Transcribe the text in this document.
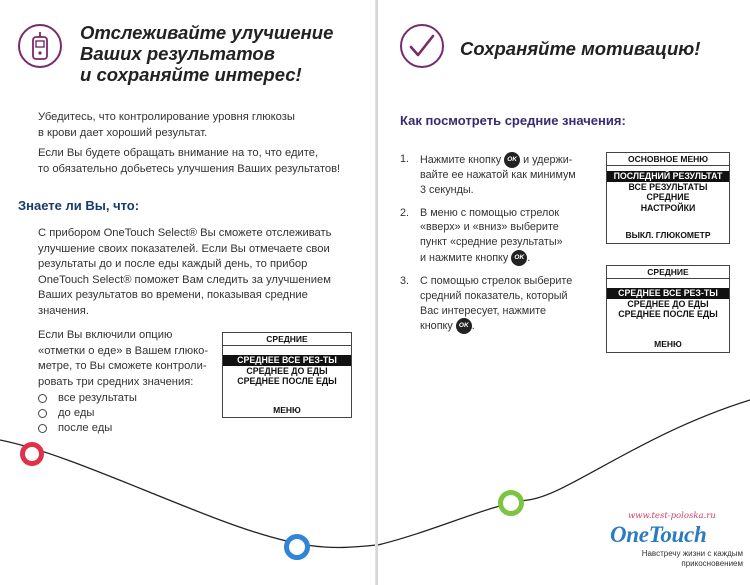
Отслеживайте улучшение
Ваших результатов
и сохраняйте интерес!
Убедитесь, что контролирование уровня глюкозы
в крови дает хороший результат.
Если Вы будете обращать внимание на то, что едите,
то обязательно добьетесь улучшения Ваших результатов!
Знаете ли Вы, что:
С прибором OneTouch Select® Вы сможете отслеживать
улучшение своих показателей. Если Вы отмечаете свои
результаты до и после еды каждый день, то прибор
OneTouch Select® поможет Вам следить за улучшением
Ваших результатов во времени, показывая средние
значения.
Если Вы включили опцию
«отметки о еде» в Вашем глюко-
метре, то Вы сможете контроли-
ровать три средних значения:
все результаты
до еды
после еды
СРЕДНИЕ
СРЕДНЕЕ ВСЕ РЕЗ-ТЫ
СРЕДНЕЕ ДО ЕДЫ
СРЕДНЕЕ ПОСЛЕ ЕДЫ
МЕНЮ
Сохраняйте мотивацию!
Как посмотреть средние значения:
1. Нажмите кнопку OK и удержи-
вайте ее нажатой как минимум
3 секунды.
2. В меню с помощью стрелок
«вверх» и «вниз» выберите
пункт «средние результаты»
и нажмите кнопку OK .
3. С помощью стрелок выберите
средний показатель, который
Вас интересует, нажмите
кнопку OK .
ОСНОВНОЕ МЕНЮ
ПОСЛЕДНИЙ РЕЗУЛЬТАТ
ВСЕ РЕЗУЛЬТАТЫ
СРЕДНИЕ
НАСТРОЙКИ
ВЫКЛ. ГЛЮКОМЕТР
СРЕДНИЕ
СРЕДНЕЕ ВСЕ РЕЗ-ТЫ
СРЕДНЕЕ ДО ЕДЫ
СРЕДНЕЕ ПОСЛЕ ЕДЫ
МЕНЮ
www.test-poloska.ru
OneTouch
Навстречу жизни с каждым
прикосновением
